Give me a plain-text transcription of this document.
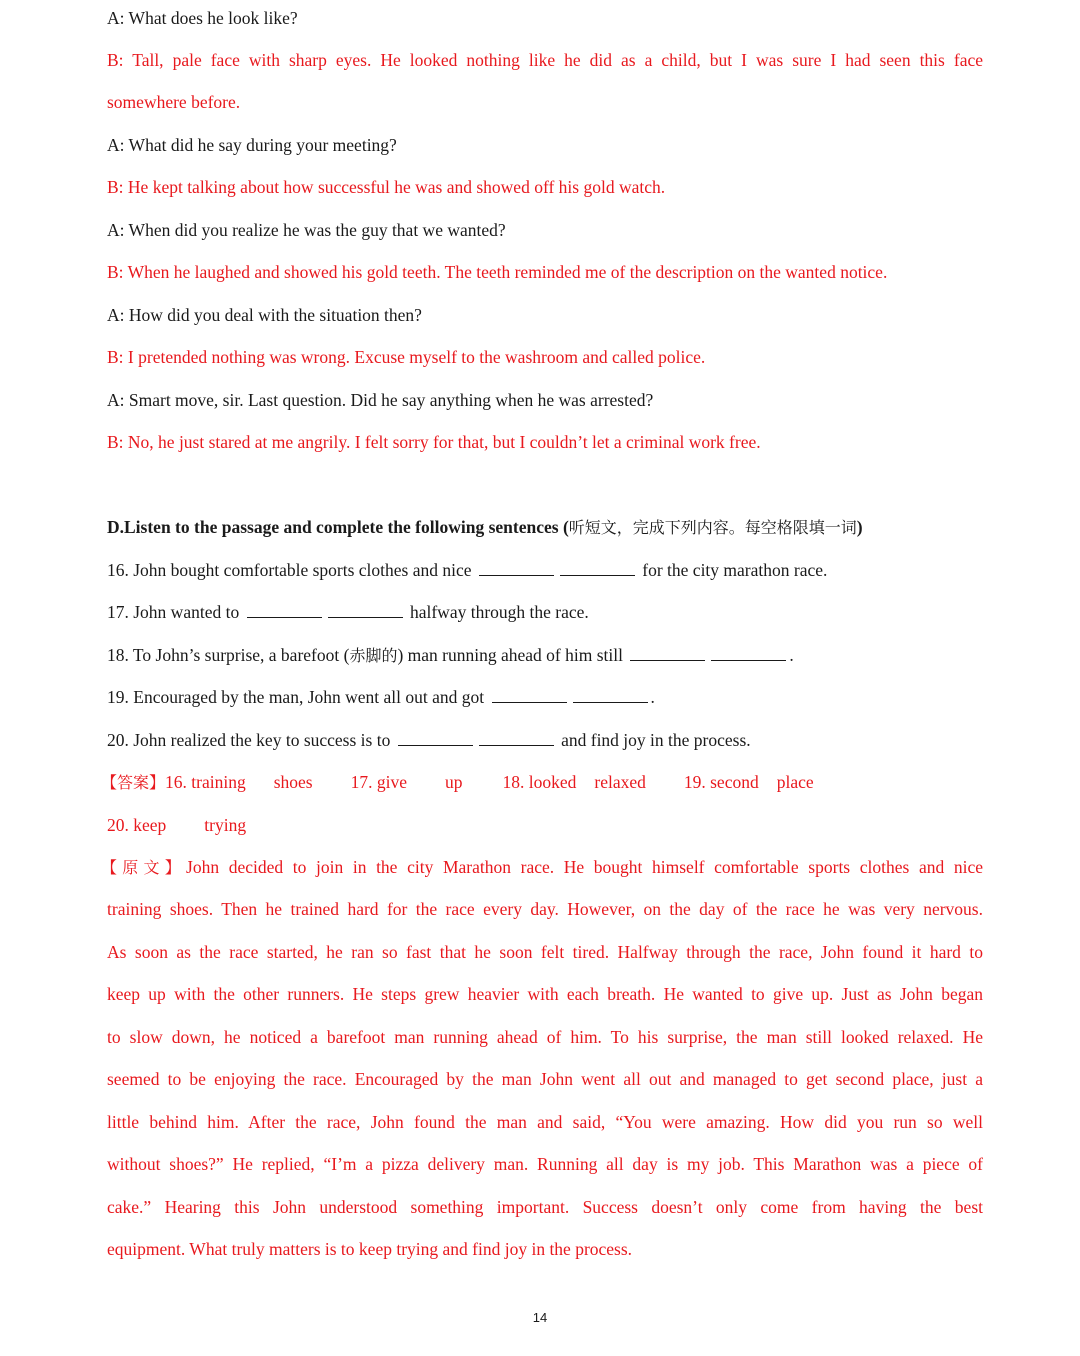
A: What does he look like?
B: Tall, pale face with sharp eyes. He looked nothing like he did as a child, but I was sure I had seen this face
somewhere before.
A: What did he say during your meeting?
B: He kept talking about how successful he was and showed off his gold watch.
A: When did you realize he was the guy that we wanted?
B: When he laughed and showed his gold teeth. The teeth reminded me of the description on the wanted notice.
A: How did you deal with the situation then?
B: I pretended nothing was wrong. Excuse myself to the washroom and called police.
A: Smart move, sir. Last question. Did he say anything when he was arrested?
B: No, he just stared at me angrily. I felt sorry for that, but I couldn’t let a criminal work free.
D.Listen to the passage and complete the following sentences (听短文，完成下列内容。每空格限填一词)
16. John bought comfortable sports clothes and nice	for the city marathon race.
17. John wanted to	halfway through the race.
18. To John’s surprise, a barefoot (赤脚的) man running ahead of him still	.
19. Encouraged by the man, John went all out and got	.
20. John realized the key to success is to	and find joy in the process.
【答案】16. training shoes 17. give up 18. looked relaxed 19. second place
20. keep trying
【原文】John decided to join in the city Marathon race. He bought himself comfortable sports clothes and nice
training shoes. Then he trained hard for the race every day. However, on the day of the race he was very nervous.
As soon as the race started, he ran so fast that he soon felt tired. Halfway through the race, John found it hard to
keep up with the other runners. He steps grew heavier with each breath. He wanted to give up. Just as John began
to slow down, he noticed a barefoot man running ahead of him. To his surprise, the man still looked relaxed. He
seemed to be enjoying the race. Encouraged by the man John went all out and managed to get second place, just a
little behind him. After the race, John found the man and said, “You were amazing. How did you run so well
without shoes?” He replied, “I’m a pizza delivery man. Running all day is my job. This Marathon was a piece of
cake.” Hearing this John understood something important. Success doesn’t only come from having the best
equipment. What truly matters is to keep trying and find joy in the process.
14
